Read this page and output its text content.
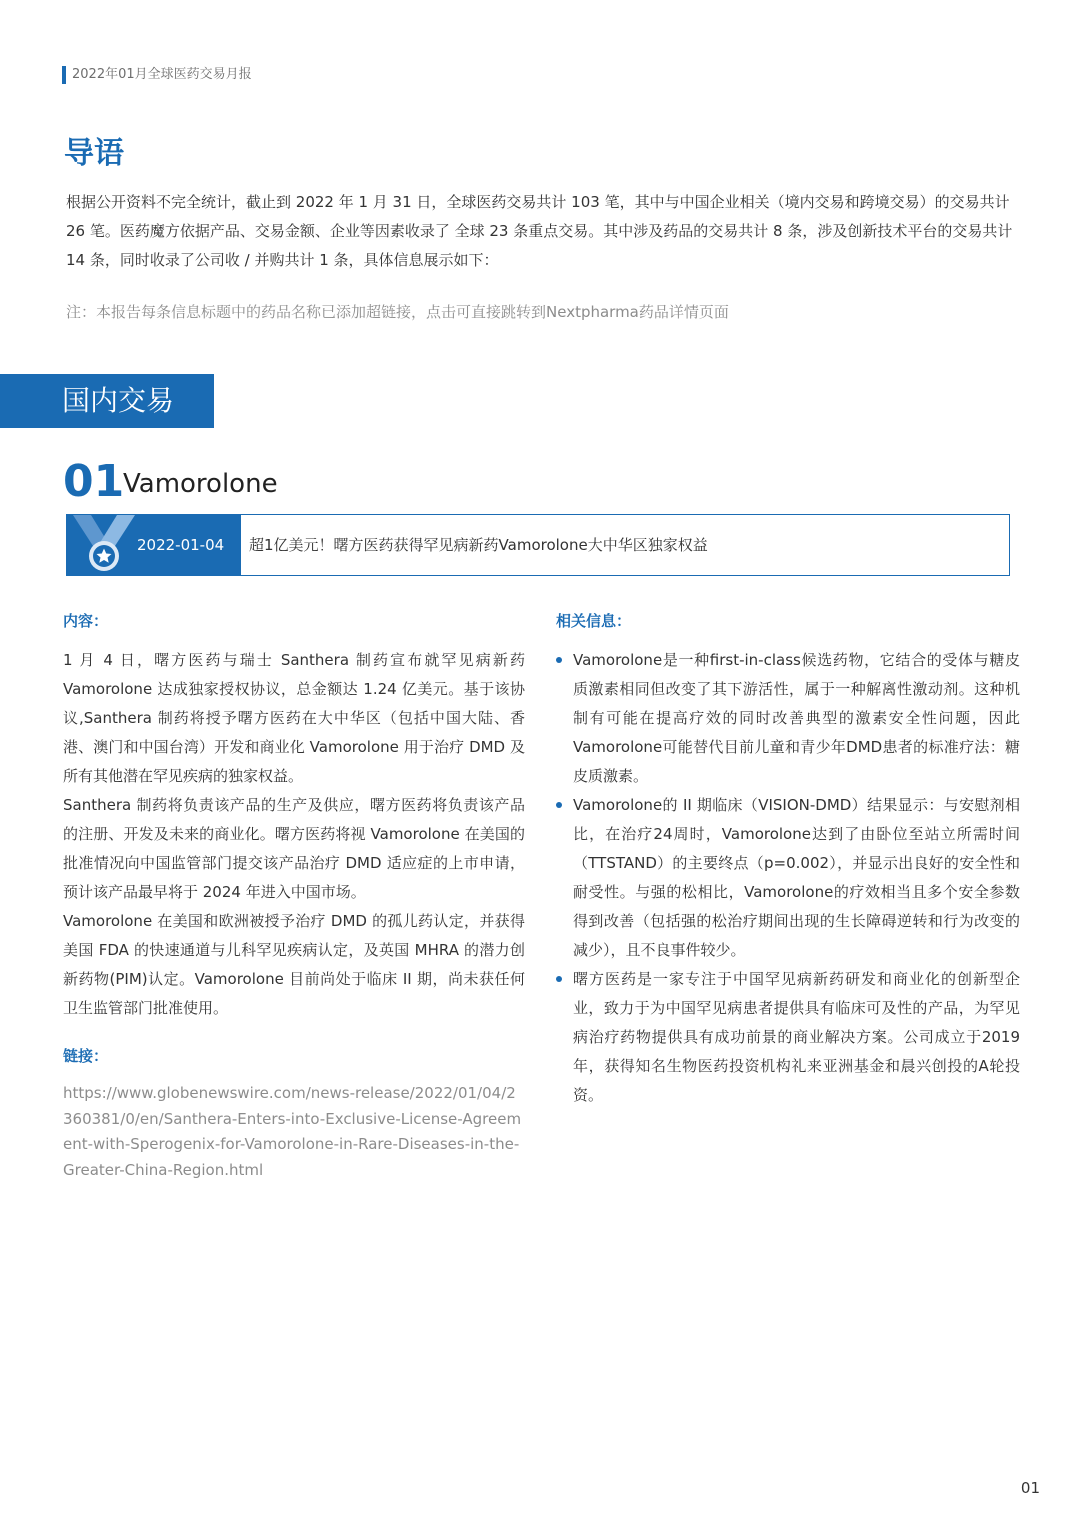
2022年01月全球医药交易月报
导语

根据公开资料不完全统计，截止到 2022 年 1 月 31 日，全球医药交易共计 103 笔，其中与中国企业相关（境内交易和跨境交易）的交易共计 26 笔。医药魔方依据产品、交易金额、企业等因素收录了 全球 23 条重点交易。其中涉及药品的交易共计 8 条，涉及创新技术平台的交易共计 14 条，同时收录了公司收 / 并购共计 1 条，具体信息展示如下：

注：本报告每条信息标题中的药品名称已添加超链接，点击可直接跳转到Nextpharma药品详情页面

国内交易
01
Vamorolone
2022-01-04 超1亿美元！曙方医药获得罕见病新药Vamorolone大中华区独家权益

内容：

1 月 4 日，曙方医药与瑞士 Santhera 制药宣布就罕见病新药 Vamorolone 达成独家授权协议，总金额达 1.24 亿美元。基于该协议,Santhera 制药将授予曙方医药在大中华区（包括中国大陆、香港、澳门和中国台湾）开发和商业化 Vamorolone 用于治疗 DMD 及所有其他潜在罕见疾病的独家权益。

Santhera 制药将负责该产品的生产及供应，曙方医药将负责该产品的注册、开发及未来的商业化。曙方医药将视 Vamorolone 在美国的批准情况向中国监管部门提交该产品治疗 DMD 适应症的上市申请，预计该产品最早将于 2024 年进入中国市场。

Vamorolone 在美国和欧洲被授予治疗 DMD 的孤儿药认定，并获得美国 FDA 的快速通道与儿科罕见疾病认定，及英国 MHRA 的潜力创新药物(PIM)认定。Vamorolone 目前尚处于临床 II 期，尚未获任何卫生监管部门批准使用。

链接：

https://www.globenewswire.com/news-release/2022/01/04/2360381/0/en/Santhera-Enters-into-Exclusive-License-Agreement-with-Sperogenix-for-Vamorolone-in-Rare-Diseases-in-the-Greater-China-Region.html

相关信息：

Vamorolone是一种first-in-class候选药物，它结合的受体与糖皮质激素相同但改变了其下游活性，属于一种解离性激动剂。这种机制有可能在提高疗效的同时改善典型的激素安全性问题，因此Vamorolone可能替代目前儿童和青少年DMD患者的标准疗法：糖皮质激素。
Vamorolone的 II 期临床（VISION-DMD）结果显示：与安慰剂相比，在治疗24周时，Vamorolone达到了由卧位至站立所需时间（TTSTAND）的主要终点（p=0.002），并显示出良好的安全性和耐受性。与强的松相比，Vamorolone的疗效相当且多个安全参数得到改善（包括强的松治疗期间出现的生长障碍逆转和行为改变的减少），且不良事件较少。
曙方医药是一家专注于中国罕见病新药研发和商业化的创新型企业，致力于为中国罕见病患者提供具有临床可及性的产品，为罕见病治疗药物提供具有成功前景的商业解决方案。公司成立于2019年，获得知名生物医药投资机构礼来亚洲基金和晨兴创投的A轮投资。
01
